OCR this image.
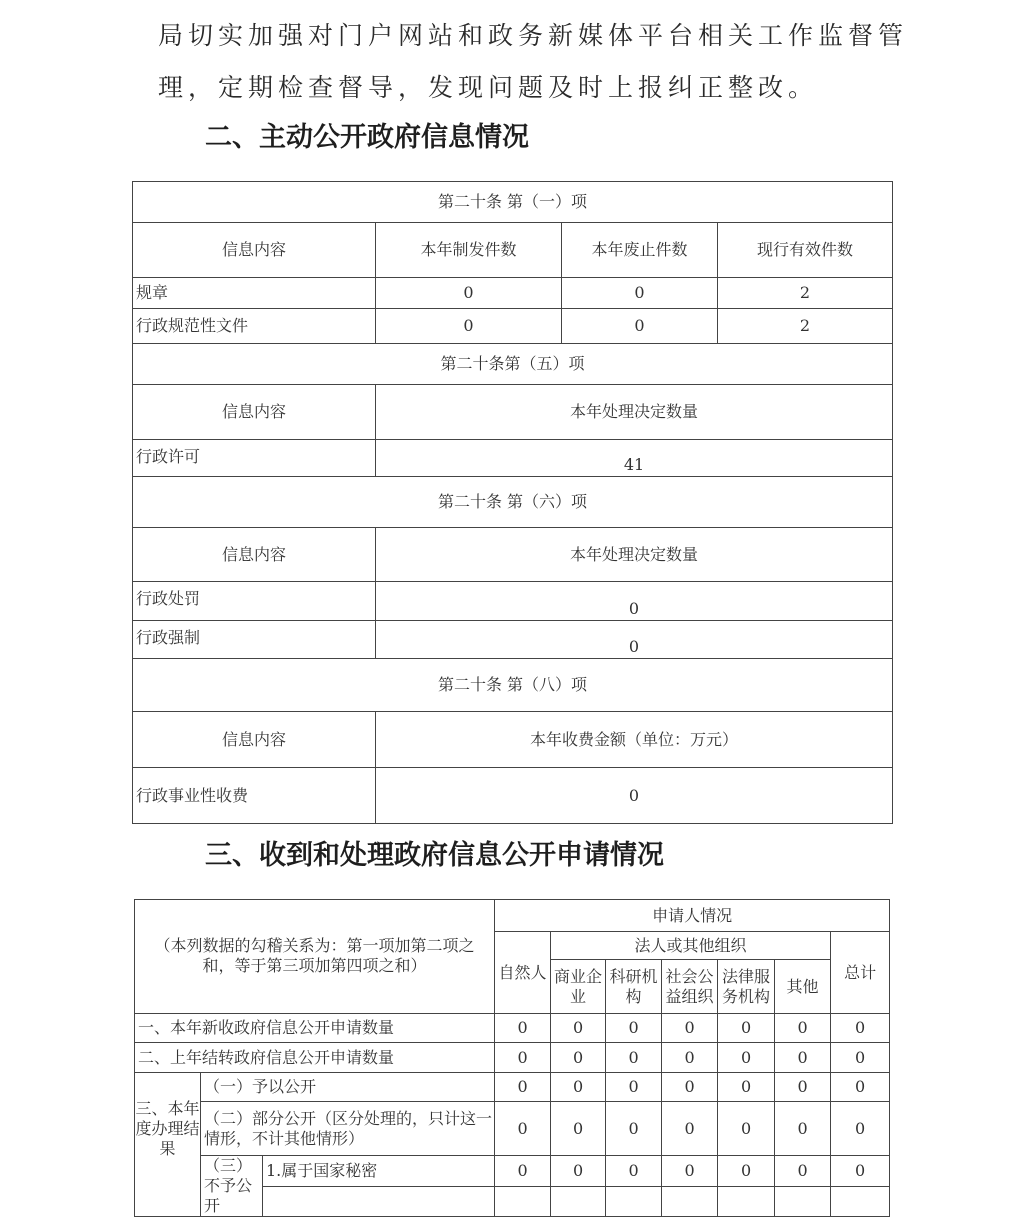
局切实加强对门户网站和政务新媒体平台相关工作监督管
理，定期检查督导，发现问题及时上报纠正整改。
二、主动公开政府信息情况
第二十条 第（一）项			
信息内容	本年制发件数	本年废止件数	现行有效件数
规章	0	0	2
行政规范性文件	0	0	2
第二十条第（五）项			
信息内容	本年处理决定数量		
行政许可	41		
第二十条 第（六）项			
信息内容	本年处理决定数量		
行政处罚	0		
行政强制	0		
第二十条 第（八）项			
信息内容	本年收费金额（单位：万元）		
行政事业性收费	0		
三、收到和处理政府信息公开申请情况
（本列数据的勾稽关系为：第一项加第二项之和，等于第三项加第四项之和）			申请人情况						
			自然人	法人或其他组织					总计
				商业企业	科研机构	社会公益组织	法律服务机构	其他	
一、本年新收政府信息公开申请数量			0	0	0	0	0	0	0
二、上年结转政府信息公开申请数量			0	0	0	0	0	0	0
三、本年度办理结果	（一）予以公开		0	0	0	0	0	0	0
	（二）部分公开（区分处理的，只计这一情形，不计其他情形）		0	0	0	0	0	0	0
	（三）不予公开	1.属于国家秘密	0	0	0	0	0	0	0
